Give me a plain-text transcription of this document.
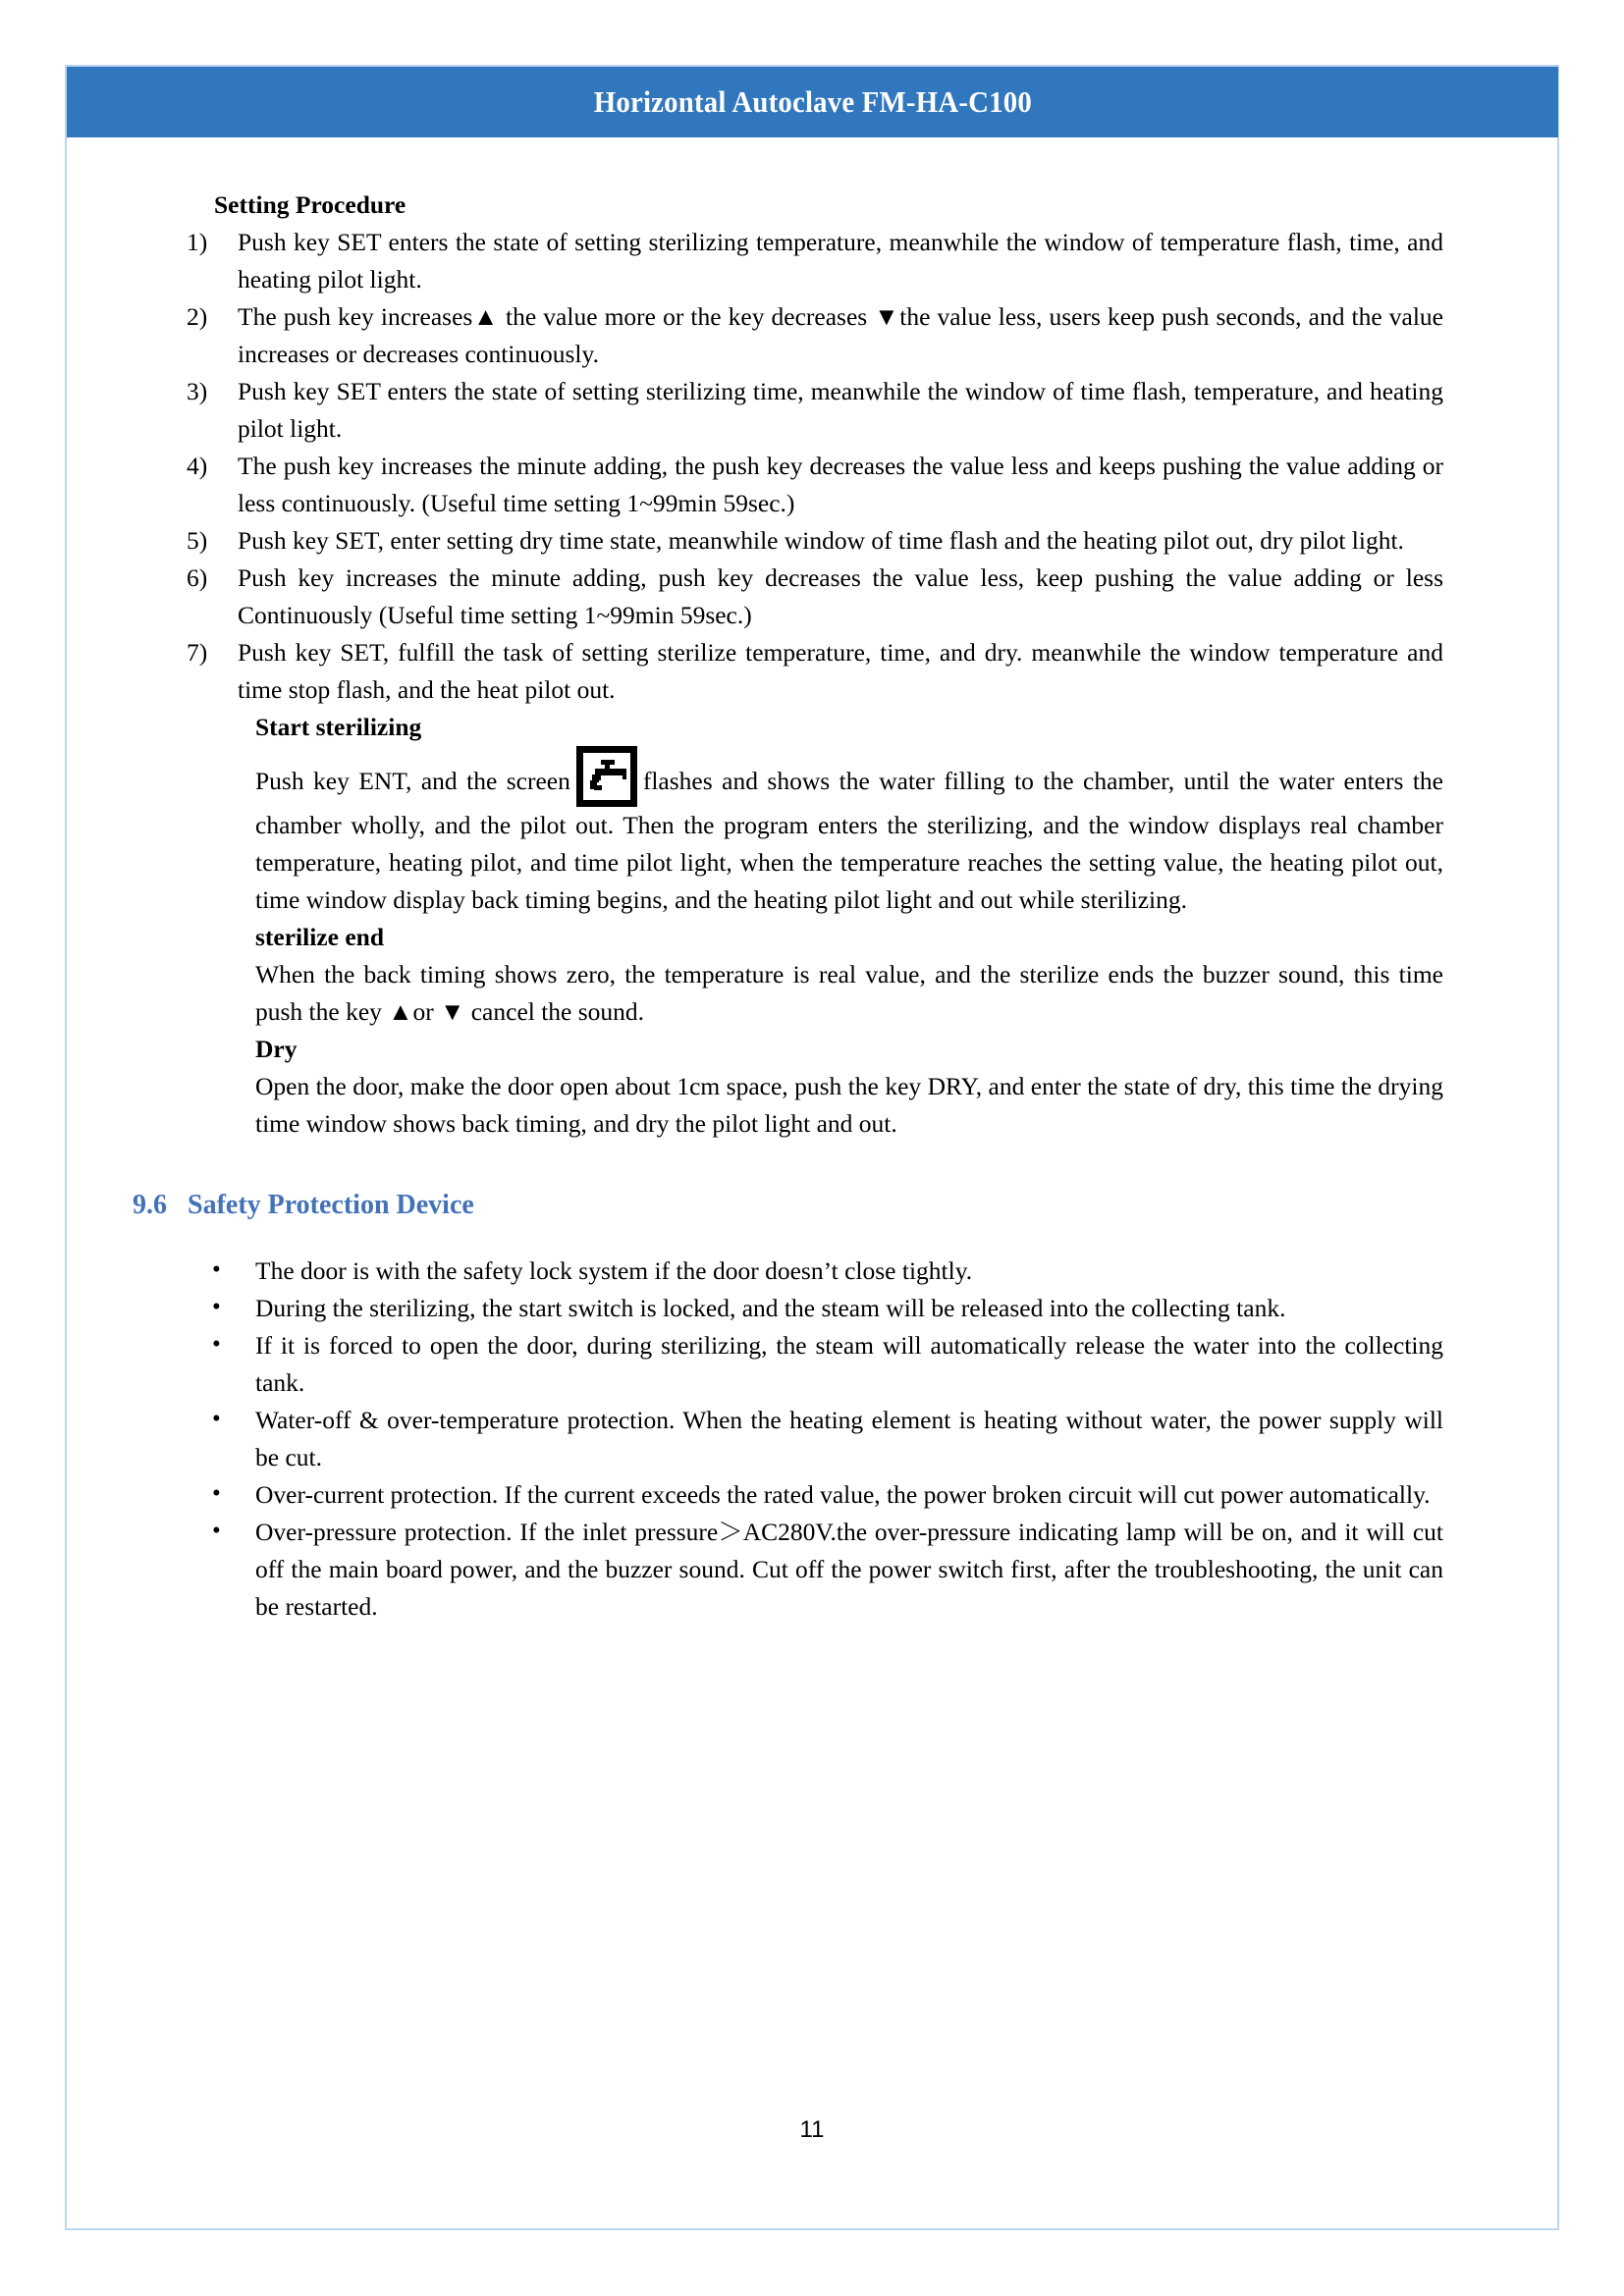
Horizontal Autoclave FM-HA-C100
Setting Procedure
1)	Push key SET enters the state of setting sterilizing temperature, meanwhile the window of temperature flash, time, and heating pilot light.
2)	The push key increases▲ the value more or the key decreases ▼the value less, users keep push seconds, and the value increases or decreases continuously.
3)	Push key SET enters the state of setting sterilizing time, meanwhile the window of time flash, temperature, and heating pilot light.
4)	The push key increases the minute adding, the push key decreases the value less and keeps pushing the value adding or less continuously. (Useful time setting 1~99min 59sec.)
5)	Push key SET, enter setting dry time state, meanwhile window of time flash and the heating pilot out, dry pilot light.
6)	Push key increases the minute adding, push key decreases the value less, keep pushing the value adding or less Continuously (Useful time setting 1~99min 59sec.)
7)	Push key SET, fulfill the task of setting sterilize temperature, time, and dry. meanwhile the window temperature and time stop flash, and the heat pilot out.
Start sterilizing

Push key ENT, and the screen	flashes and shows the water filling to the chamber, until the water enters the chamber wholly, and the pilot out. Then the program enters the sterilizing, and the window displays real chamber temperature, heating pilot, and time pilot light, when the temperature reaches the setting value, the heating pilot out, time window display back timing begins, and the heating pilot light and out while sterilizing.

sterilize end

When the back timing shows zero, the temperature is real value, and the sterilize ends the buzzer sound, this time push the key ▲or ▼ cancel the sound.

Dry

Open the door, make the door open about 1cm space, push the key DRY, and enter the state of dry, this time the drying time window shows back timing, and dry the pilot light and out.

9.6 Safety Protection Device
• The door is with the safety lock system if the door doesn’t close tightly.
• During the sterilizing, the start switch is locked, and the steam will be released into the collecting tank.
• If it is forced to open the door, during sterilizing, the steam will automatically release the water into the collecting tank.
• Water-off & over-temperature protection. When the heating element is heating without water, the power supply will be cut.
• Over-current protection. If the current exceeds the rated value, the power broken circuit will cut power automatically.
• Over-pressure protection. If the inlet pressure＞AC280V.the over-pressure indicating lamp will be on, and it will cut off the main board power, and the buzzer sound. Cut off the power switch first, after the troubleshooting, the unit can be restarted.
11
